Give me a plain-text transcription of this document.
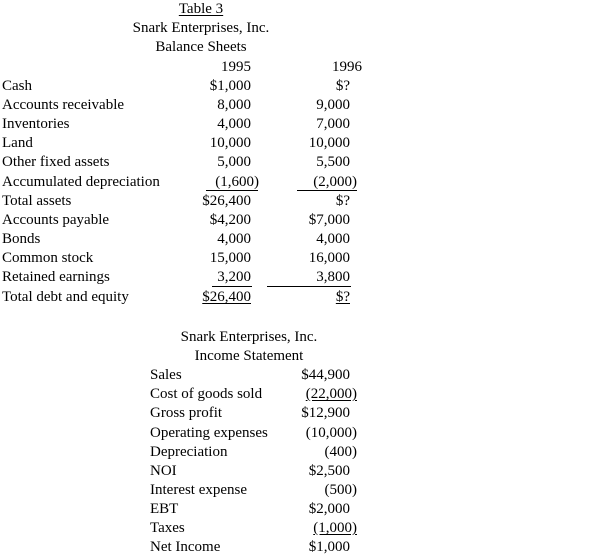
Table 3
Snark Enterprises, Inc.
Balance Sheets
1995	1996
Cash	$1,000	$?
Accounts receivable	8,000	9,000
Inventories	4,000	7,000
Land	10,000	10,000
Other fixed assets	5,000	5,500
Accumulated depreciation	(1,600)	(2,000)
Total assets	$26,400	$?
Accounts payable	$4,200	$7,000
Bonds	4,000	4,000
Common stock	15,000	16,000
Retained earnings	3,200	3,800
Total debt and equity	$26,400	$?
Snark Enterprises, Inc.
Income Statement
Sales	$44,900
Cost of goods sold	(22,000)
Gross profit	$12,900
Operating expenses	(10,000)
Depreciation	(400)
NOI	$2,500
Interest expense	(500)
EBT	$2,000
Taxes	(1,000)
Net Income	$1,000
